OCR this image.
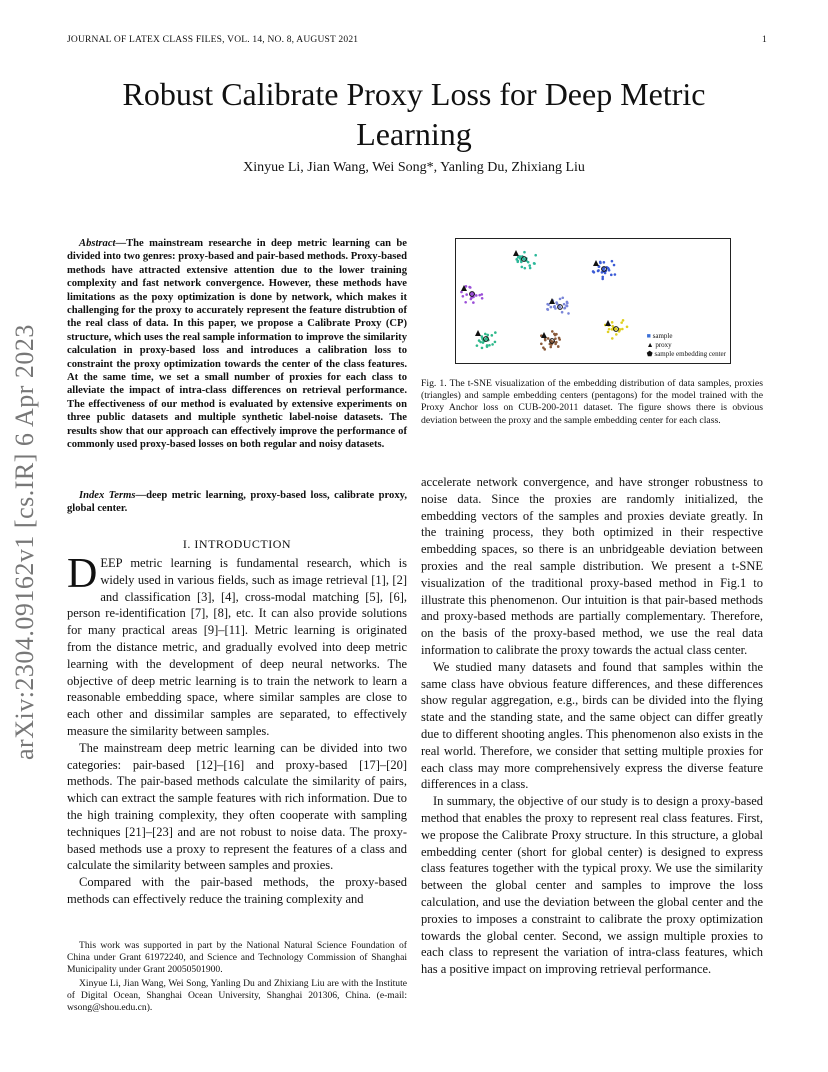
JOURNAL OF LATEX CLASS FILES, VOL. 14, NO. 8, AUGUST 2021	1
arXiv:2304.09162v1 [cs.IR] 6 Apr 2023
Robust Calibrate Proxy Loss for Deep Metric Learning
Xinyue Li, Jian Wang, Wei Song*, Yanling Du, Zhixiang Liu
Abstract—The mainstream researche in deep metric learning can be divided into two genres: proxy-based and pair-based methods. Proxy-based methods have attracted extensive attention due to the lower training complexity and fast network convergence. However, these methods have limitations as the poxy optimization is done by network, which makes it challenging for the proxy to accurately represent the feature distrubtion of the real class of data. In this paper, we propose a Calibrate Proxy (CP) structure, which uses the real sample information to improve the similarity calculation in proxy-based loss and introduces a calibration loss to constraint the proxy optimization towards the center of the class features. At the same time, we set a small number of proxies for each class to alleviate the impact of intra-class differences on retrieval performance. The effectiveness of our method is evaluated by extensive experiments on three public datasets and multiple synthetic label-noise datasets. The results show that our approach can effectively improve the performance of commonly used proxy-based losses on both regular and noisy datasets.
Index Terms—deep metric learning, proxy-based loss, calibrate proxy, global center.
I. INTRODUCTION

DEEP metric learning is fundamental research, which is widely used in various fields, such as image retrieval [1], [2] and classification [3], [4], cross-modal matching [5], [6], person re-identification [7], [8], etc. It can also provide solutions for many practical areas [9]–[11]. Metric learning is originated from the distance metric, and gradually evolved into deep metric learning with the development of deep neural networks. The objective of deep metric learning is to train the network to learn a reasonable embedding space, where similar samples are close to each other and dissimilar samples are separated, to effectively measure the similarity between samples.

The mainstream deep metric learning can be divided into two categories: pair-based [12]–[16] and proxy-based [17]–[20] methods. The pair-based methods calculate the similarity of pairs, which can extract the sample features with rich information. Due to the high training complexity, they often cooperate with sampling techniques [21]–[23] and are not robust to noise data. The proxy-based methods use a proxy to represent the features of a class and calculate the similarity between samples and proxies.

Compared with the pair-based methods, the proxy-based methods can effectively reduce the training complexity and

This work was supported in part by the National Natural Science Foundation of China under Grant 61972240, and Science and Technology Commission of Shanghai Municipality under Grant 20050501900.

Xinyue Li, Jian Wang, Wei Song, Yanling Du and Zhixiang Liu are with the Institute of Digital Ocean, Shanghai Ocean University, Shanghai 201306, China. (e-mail: wsong@shou.edu.cn).

■ sample
▲ proxy
⬟ sample embedding center
Fig. 1. The t-SNE visualization of the embedding distribution of data samples, proxies (triangles) and sample embedding centers (pentagons) for the model trained with the Proxy Anchor loss on CUB-200-2011 dataset. The figure shows there is obvious deviation between the proxy and the sample embedding center for each class.

accelerate network convergence, and have stronger robustness to noise data. Since the proxies are randomly initialized, the embedding vectors of the samples and proxies deviate greatly. In the training process, they both optimized in their respective embedding spaces, so there is an unbridgeable deviation between proxies and the real sample distribution. We present a t-SNE visualization of the traditional proxy-based method in Fig.1 to illustrate this phenomenon. Our intuition is that pair-based methods and proxy-based methods are partially complementary. Therefore, on the basis of the proxy-based method, we use the real data information to calibrate the proxy towards the actual class center.

We studied many datasets and found that samples within the same class have obvious feature differences, and these differences show regular aggregation, e.g., birds can be divided into the flying state and the standing state, and the same object can differ greatly due to different shooting angles. This phenomenon also exists in the real world. Therefore, we consider that setting multiple proxies for each class may more comprehensively express the diverse feature differences in a class.

In summary, the objective of our study is to design a proxy-based method that enables the proxy to represent real class features. First, we propose the Calibrate Proxy structure. In this structure, a global embedding center (short for global center) is designed to express class features together with the typical proxy. We use the similarity between the global center and samples to improve the loss calculation, and use the deviation between the global center and the proxies to imposes a constraint to calibrate the proxy optimization towards the global center. Second, we assign multiple proxies to each class to represent the variation of intra-class features, which has a positive impact on improving retrieval performance.
